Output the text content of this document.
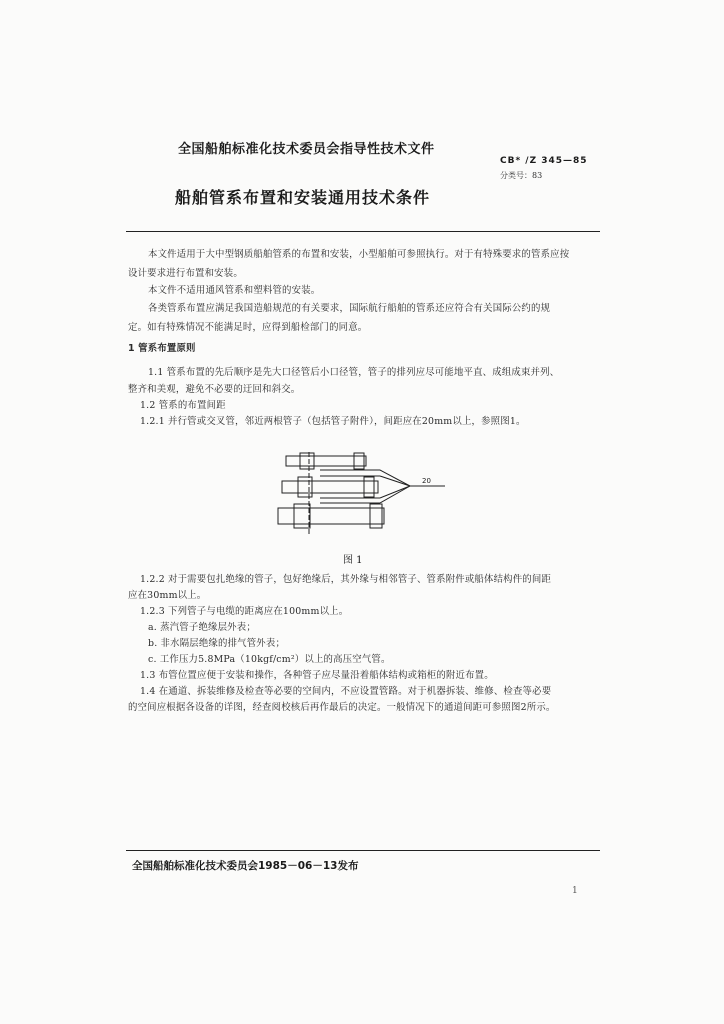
全国船舶标准化技术委员会指导性技术文件
CB* /Z 345—85
分类号：83
船舶管系布置和安装通用技术条件
本文件适用于大中型钢质船舶管系的布置和安装，小型船舶可参照执行。对于有特殊要求的管系应按
设计要求进行布置和安装。
本文件不适用通风管系和塑料管的安装。
各类管系布置应满足我国造船规范的有关要求，国际航行船舶的管系还应符合有关国际公约的规
定。如有特殊情况不能满足时，应得到船检部门的同意。
1 管系布置原则
1.1 管系布置的先后顺序是先大口径管后小口径管，管子的排列应尽可能地平直、成组成束并列、
整齐和美观，避免不必要的迂回和斜交。
1.2 管系的布置间距
1.2.1 并行管或交叉管，邻近两根管子（包括管子附件），间距应在20mm以上，参照图1。
20
图 1
1.2.2 对于需要包扎绝缘的管子，包好绝缘后，其外缘与相邻管子、管系附件或船体结构件的间距
应在30mm以上。
1.2.3 下列管子与电缆的距离应在100mm以上。
a. 蒸汽管子绝缘层外表；
b. 非水隔层绝缘的排气管外表；
c. 工作压力5.8MPa（10kgf/cm²）以上的高压空气管。
1.3 布管位置应便于安装和操作，各种管子应尽量沿着船体结构或箱柜的附近布置。
1.4 在通道、拆装维修及检查等必要的空间内，不应设置管路。对于机器拆装、维修、检查等必要
的空间应根据各设备的详图，经查阅校核后再作最后的决定。一般情况下的通道间距可参照图2所示。
全国船舶标准化技术委员会1985－06－13发布
1
